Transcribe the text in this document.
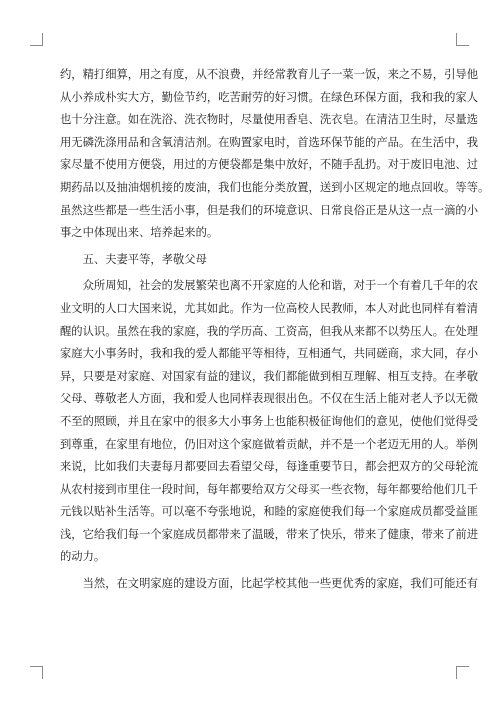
约，精打细算，用之有度，从不浪费，并经常教育儿子一菜一饭，来之不易，引导他
从小养成朴实大方，勤俭节约，吃苦耐劳的好习惯。在绿色环保方面，我和我的家人
也十分注意。如在洗浴、洗衣物时，尽量使用香皂、洗衣皂。在清洁卫生时，尽量选
用无磷洗涤用品和含氧清洁剂。在购置家电时，首选环保节能的产品。在生活中，我
家尽量不使用方便袋，用过的方便袋都是集中放好，不随手乱扔。对于废旧电池、过
期药品以及抽油烟机接的废油，我们也能分类放置，送到小区规定的地点回收。等等。
虽然这些都是一些生活小事，但是我们的环境意识、日常良俗正是从这一点一滴的小
事之中体现出来、培养起来的。
五、夫妻平等，孝敬父母
众所周知，社会的发展繁荣也离不开家庭的人伦和谐，对于一个有着几千年的农
业文明的人口大国来说，尤其如此。作为一位高校人民教师，本人对此也同样有着清
醒的认识。虽然在我的家庭，我的学历高、工资高，但我从来都不以势压人。在处理
家庭大小事务时，我和我的爱人都能平等相待，互相通气，共同磋商，求大同，存小
异，只要是对家庭、对国家有益的建议，我们都能做到相互理解、相互支持。在孝敬
父母、尊敬老人方面，我和爱人也同样表现很出色。不仅在生活上能对老人予以无微
不至的照顾，并且在家中的很多大小事务上也能积极征询他们的意见，使他们觉得受
到尊重，在家里有地位，仍旧对这个家庭做着贡献，并不是一个老迈无用的人。举例
来说，比如我们夫妻每月都要回去看望父母，每逢重要节日，都会把双方的父母轮流
从农村接到市里住一段时间，每年都要给双方父母买一些衣物，每年都要给他们几千
元钱以贴补生活等。可以毫不夸张地说，和睦的家庭使我们每一个家庭成员都受益匪
浅，它给我们每一个家庭成员都带来了温暖，带来了快乐，带来了健康，带来了前进
的动力。
当然，在文明家庭的建设方面，比起学校其他一些更优秀的家庭，我们可能还有
